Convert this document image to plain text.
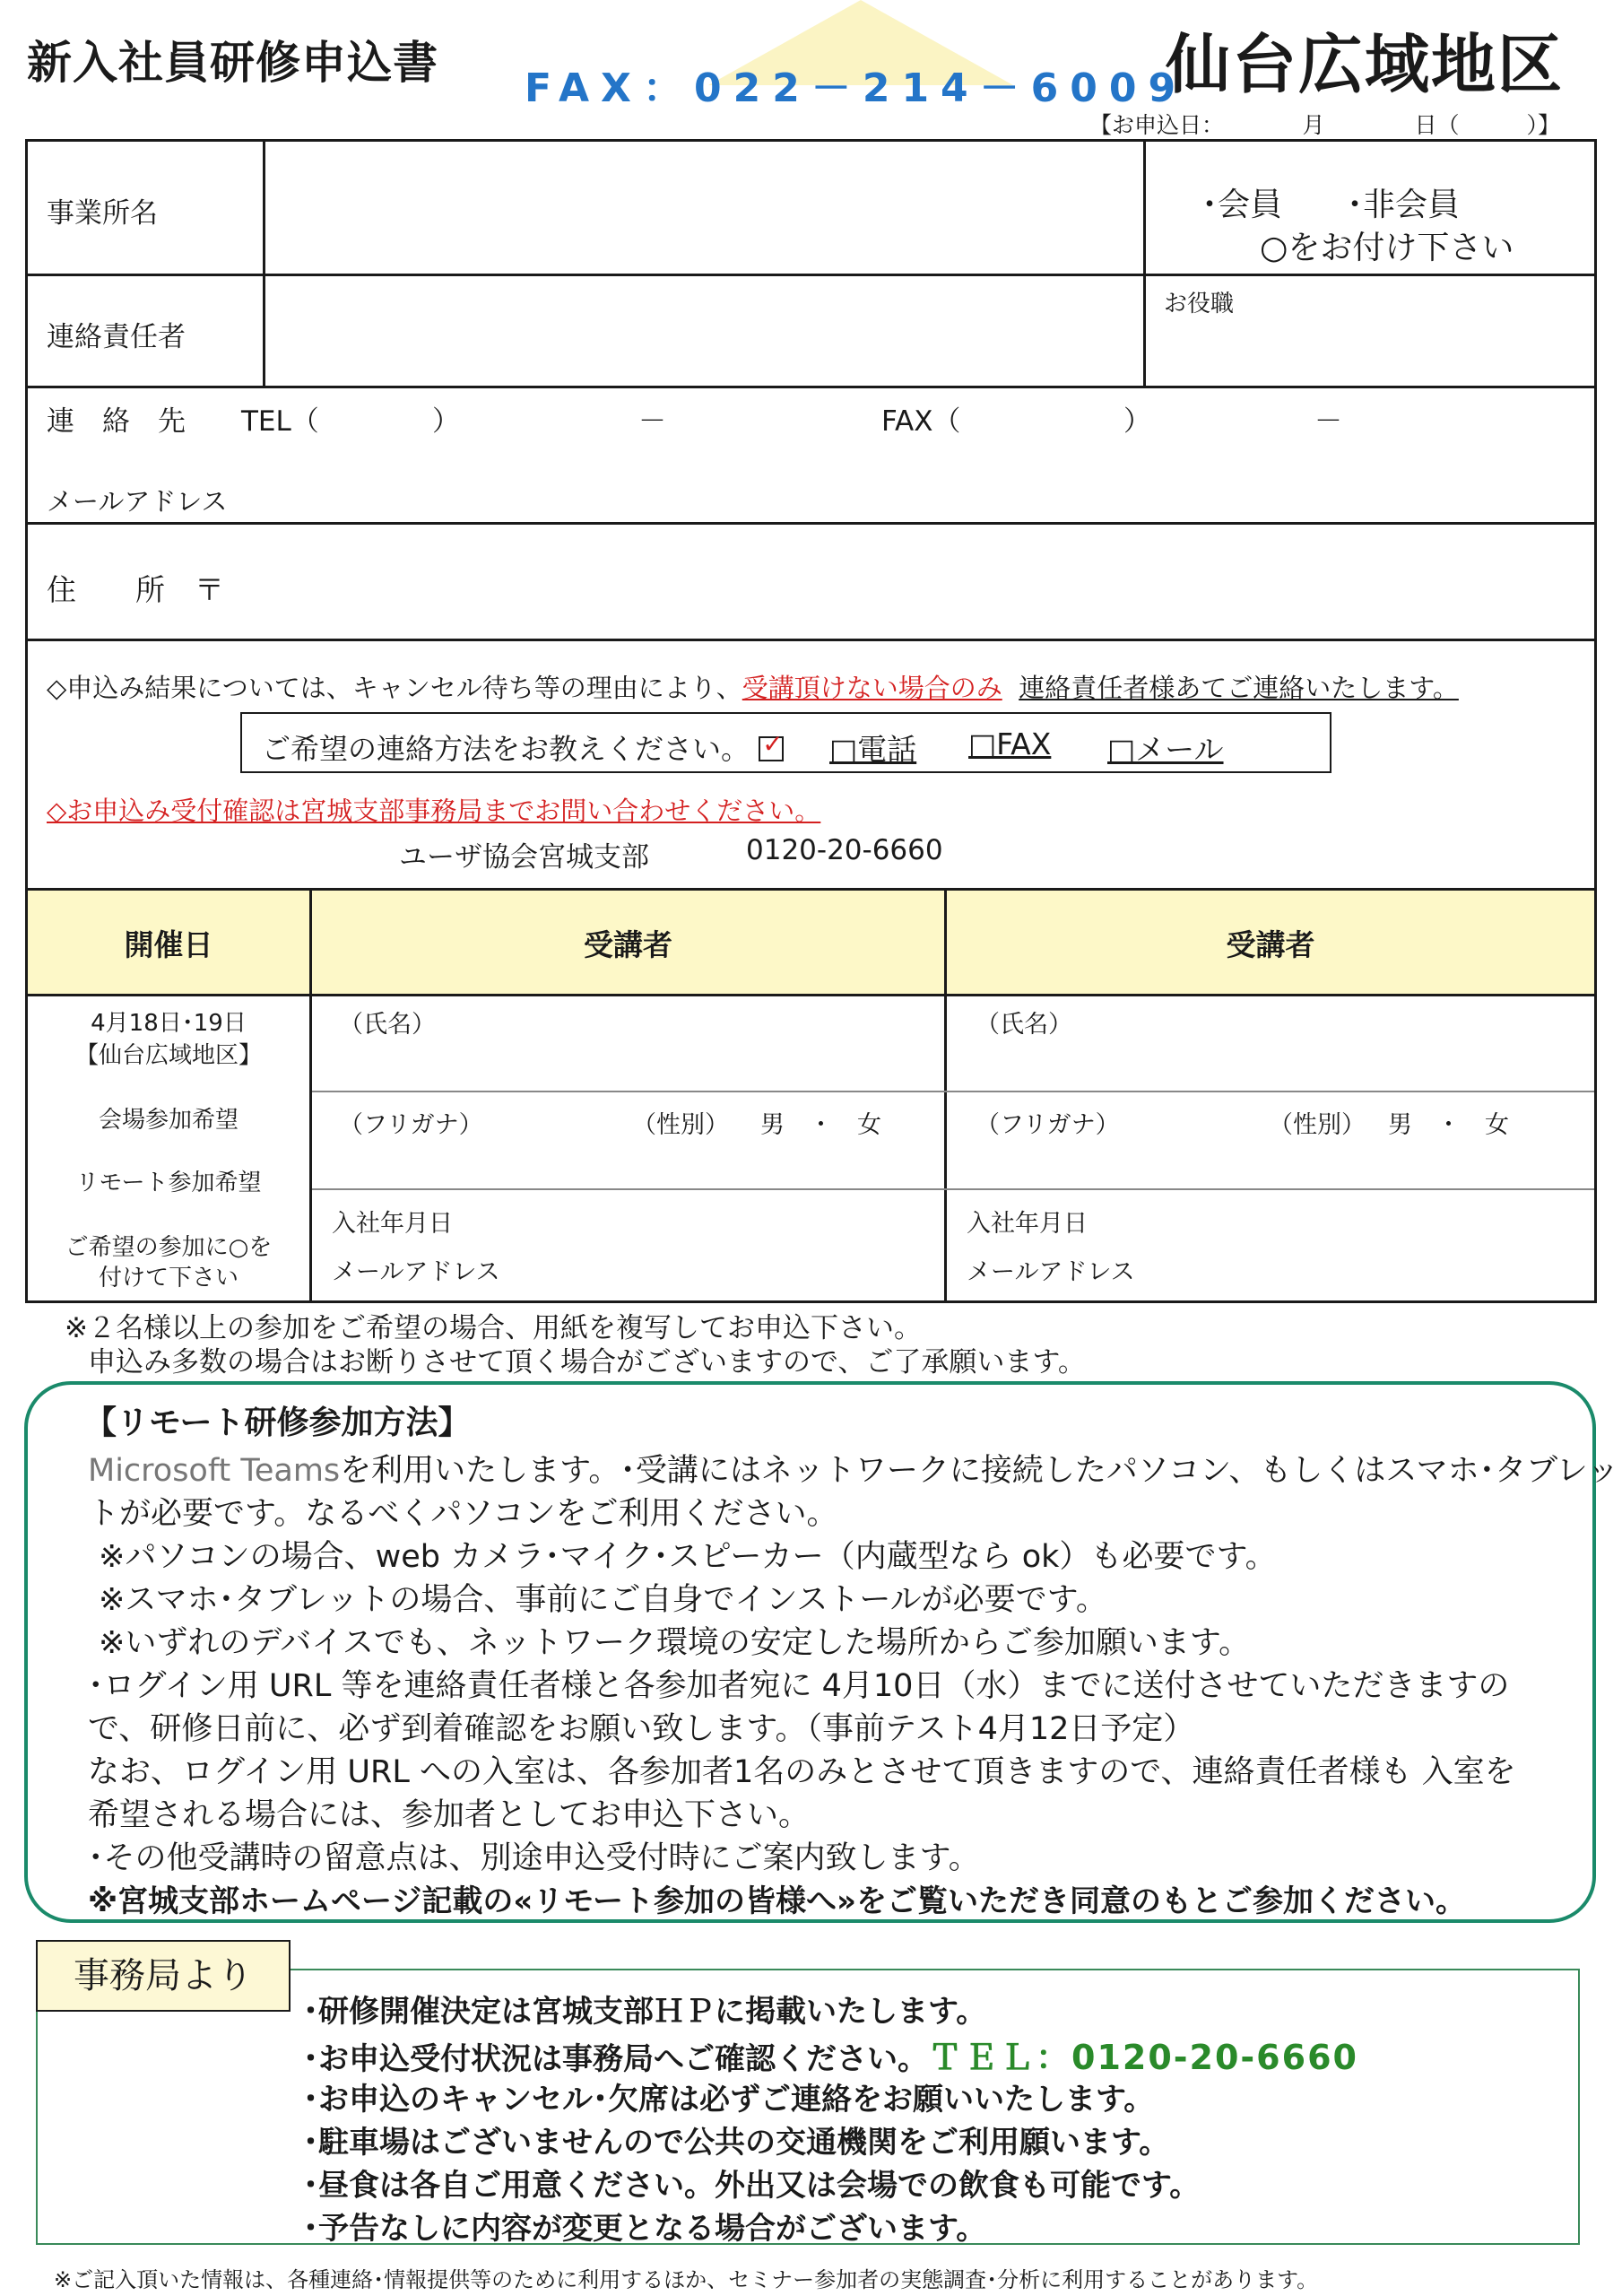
新入社員研修申込書 FAX：022－214－6009
仙台広域地区
【お申込日：　　　　月　　　　日（　　　）】
事業所名	･会員　　･非会員
○をお付け下さい
連絡責任者
お役職
連　絡　先　　TEL（	）	－	FAX（	）	－
メールアドレス
住　　所　〒
◇申込み結果については、キャンセル待ち等の理由により、受講頂けない場合のみ 連絡責任者様あてご連絡いたします。
ご希望の連絡方法をお教えください。  ✓	□電話 □FAX □メール
◇お申込み受付確認は宮城支部事務局までお問い合わせください。
ユーザ協会宮城支部	0120-20-6660
開催日	受講者	受講者
4月18日･19日
【仙台広域地区】
会場参加希望
リモート参加希望
ご希望の参加に○を
付けて下さい
（氏名）
（フリガナ）	（性別） 男　・　女
入社年月日
メールアドレス
（氏名）
（フリガナ）	（性別） 男　・　女
入社年月日
メールアドレス
※２名様以上の参加をご希望の場合、用紙を複写してお申込下さい。
申込み多数の場合はお断りさせて頂く場合がございますので、ご了承願います。
【リモート研修参加方法】
Microsoft Teamsを利用いたします。･受講にはネットワークに接続したパソコン、もしくはスマホ･タブレッ
トが必要です。なるべくパソコンをご利用ください。
※パソコンの場合、web カメラ･マイク･スピーカー（内蔵型なら ok）も必要です。
※スマホ･タブレットの場合、事前にご自身でインストールが必要です。
※いずれのデバイスでも、ネットワーク環境の安定した場所からご参加願います。
･ログイン用 URL 等を連絡責任者様と各参加者宛に 4月10日（水）までに送付させていただきますの
で、研修日前に、必ず到着確認をお願い致します。（事前テスト4月12日予定）
なお、ログイン用 URL への入室は、各参加者1名のみとさせて頂きますので、連絡責任者様も 入室を
希望される場合には、参加者としてお申込下さい。
･その他受講時の留意点は、別途申込受付時にご案内致します。
※宮城支部ホームページ記載の«リモート参加の皆様へ»をご覧いただき同意のもとご参加ください。
事務局より
･研修開催決定は宮城支部ＨＰに掲載いたします。
･お申込受付状況は事務局へご確認ください。ＴＥＬ：0120-20-6660
･お申込のキャンセル･欠席は必ずご連絡をお願いいたします。
･駐車場はございませんので公共の交通機関をご利用願います。
･昼食は各自ご用意ください。外出又は会場での飲食も可能です。
･予告なしに内容が変更となる場合がございます。
※ご記入頂いた情報は、各種連絡･情報提供等のために利用するほか、セミナー参加者の実態調査･分析に利用することがあります。
